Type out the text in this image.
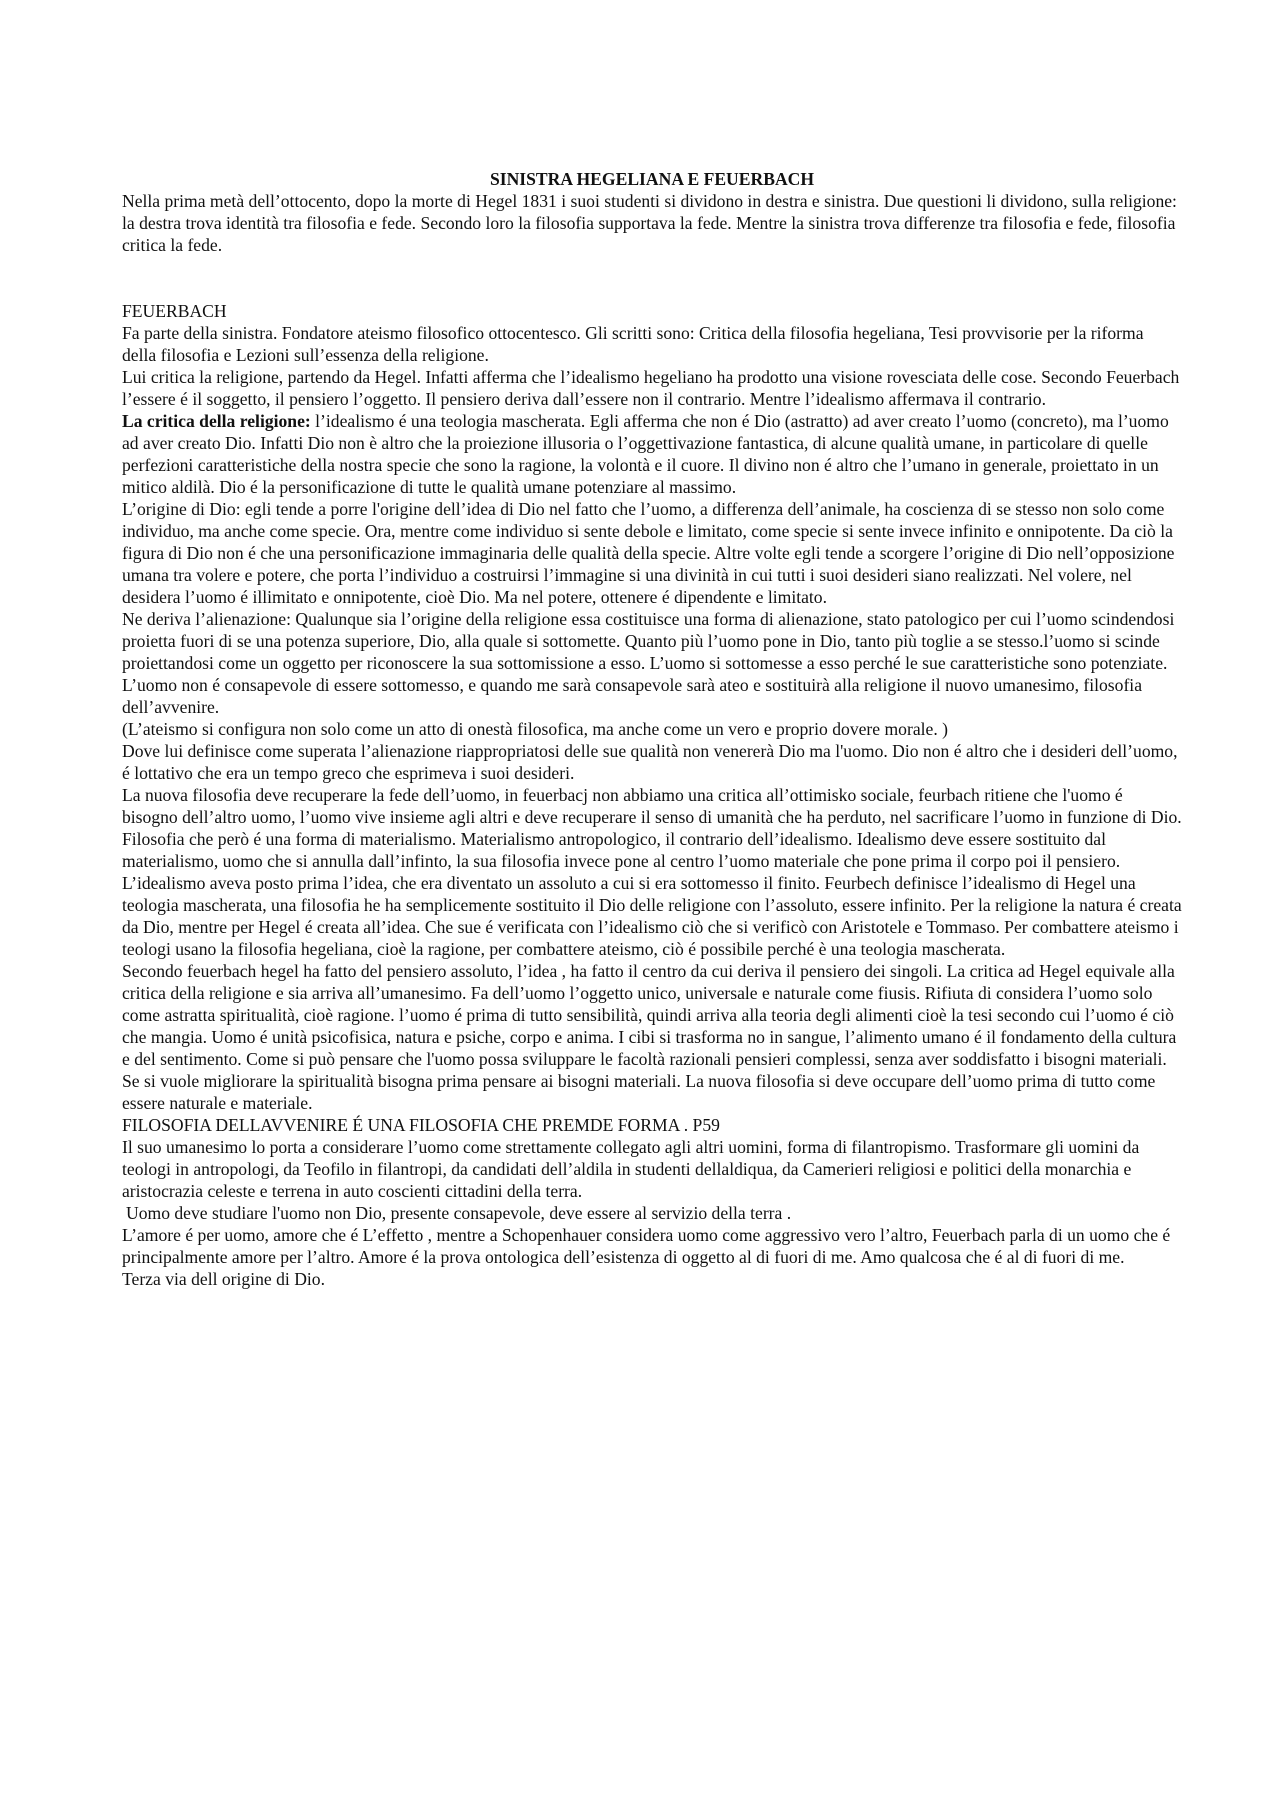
SINISTRA HEGELIANA E FEUERBACH

Nella prima metà dell’ottocento, dopo la morte di Hegel 1831 i suoi studenti si dividono in destra e sinistra. Due questioni li dividono, sulla religione: la destra trova identità tra filosofia e fede. Secondo loro la filosofia supportava la fede. Mentre la sinistra trova differenze tra filosofia e fede, filosofia critica la fede.

FEUERBACH

Fa parte della sinistra. Fondatore ateismo filosofico ottocentesco. Gli scritti sono: Critica della filosofia hegeliana, Tesi provvisorie per la riforma della filosofia e Lezioni sull’essenza della religione.

Lui critica la religione, partendo da Hegel. Infatti afferma che l’idealismo hegeliano ha prodotto una visione rovesciata delle cose. Secondo Feuerbach l’essere é il soggetto, il pensiero l’oggetto. Il pensiero deriva dall’essere non il contrario. Mentre l’idealismo affermava il contrario.

La critica della religione: l’idealismo é una teologia mascherata. Egli afferma che non é Dio (astratto) ad aver creato l’uomo (concreto), ma l’uomo ad aver creato Dio. Infatti Dio non è altro che la proiezione illusoria o l’oggettivazione fantastica, di alcune qualità umane, in particolare di quelle perfezioni caratteristiche della nostra specie che sono la ragione, la volontà e il cuore. Il divino non é altro che l’umano in generale, proiettato in un mitico aldilà. Dio é la personificazione di tutte le qualità umane potenziare al massimo.

L’origine di Dio: egli tende a porre l'origine dell’idea di Dio nel fatto che l’uomo, a differenza dell’animale, ha coscienza di se stesso non solo come individuo, ma anche come specie. Ora, mentre come individuo si sente debole e limitato, come specie si sente invece infinito e onnipotente. Da ciò la figura di Dio non é che una personificazione immaginaria delle qualità della specie. Altre volte egli tende a scorgere l’origine di Dio nell’opposizione umana tra volere e potere, che porta l’individuo a costruirsi l’immagine si una divinità in cui tutti i suoi desideri siano realizzati. Nel volere, nel desidera l’uomo é illimitato e onnipotente, cioè Dio. Ma nel potere, ottenere é dipendente e limitato.

Ne deriva l’alienazione: Qualunque sia l’origine della religione essa costituisce una forma di alienazione, stato patologico per cui l’uomo scindendosi proietta fuori di se una potenza superiore, Dio, alla quale si sottomette. Quanto più l’uomo pone in Dio, tanto più toglie a se stesso.l’uomo si scinde proiettandosi come un oggetto per riconoscere la sua sottomissione a esso. L’uomo si sottomesse a esso perché le sue caratteristiche sono potenziate. L’uomo non é consapevole di essere sottomesso, e quando me sarà consapevole sarà ateo e sostituirà alla religione il nuovo umanesimo, filosofia dell’avvenire.

(L’ateismo si configura non solo come un atto di onestà filosofica, ma anche come un vero e proprio dovere morale. )

Dove lui definisce come superata l’alienazione riappropriatosi delle sue qualità non venererà Dio ma l'uomo. Dio non é altro che i desideri dell’uomo, é lottativo che era un tempo greco che esprimeva i suoi desideri.

La nuova filosofia deve recuperare la fede dell’uomo, in feuerbacj non abbiamo una critica all’ottimisko sociale, feurbach ritiene che l'uomo é bisogno dell’altro uomo, l’uomo vive insieme agli altri e deve recuperare il senso di umanità che ha perduto, nel sacrificare l’uomo in funzione di Dio. Filosofia che però é una forma di materialismo. Materialismo antropologico, il contrario dell’idealismo. Idealismo deve essere sostituito dal materialismo, uomo che si annulla dall’infinto, la sua filosofia invece pone al centro l’uomo materiale che pone prima il corpo poi il pensiero.

L’idealismo aveva posto prima l’idea, che era diventato un assoluto a cui si era sottomesso il finito. Feurbech definisce l’idealismo di Hegel una teologia mascherata, una filosofia he ha semplicemente sostituito il Dio delle religione con l’assoluto, essere infinito. Per la religione la natura é creata da Dio, mentre per Hegel é creata all’idea. Che sue é verificata con l’idealismo ciò che si verificò con Aristotele e Tommaso. Per combattere ateismo i teologi usano la filosofia hegeliana, cioè la ragione, per combattere ateismo, ciò é possibile perché è una teologia mascherata.

Secondo feuerbach hegel ha fatto del pensiero assoluto, l’idea , ha fatto il centro da cui deriva il pensiero dei singoli. La critica ad Hegel equivale alla critica della religione e sia arriva all’umanesimo. Fa dell’uomo l’oggetto unico, universale e naturale come fiusis. Rifiuta di considera l’uomo solo come astratta spiritualità, cioè ragione. l’uomo é prima di tutto sensibilità, quindi arriva alla teoria degli alimenti cioè la tesi secondo cui l’uomo é ciò che mangia. Uomo é unità psicofisica, natura e psiche, corpo e anima. I cibi si trasforma no in sangue, l’alimento umano é il fondamento della cultura e del sentimento. Come si può pensare che l'uomo possa sviluppare le facoltà razionali pensieri complessi, senza aver soddisfatto i bisogni materiali. Se si vuole migliorare la spiritualità bisogna prima pensare ai bisogni materiali. La nuova filosofia si deve occupare dell’uomo prima di tutto come essere naturale e materiale.

FILOSOFIA DELLAVVENIRE É UNA FILOSOFIA CHE PREMDE FORMA . P59

Il suo umanesimo lo porta a considerare l’uomo come strettamente collegato agli altri uomini, forma di filantropismo. Trasformare gli uomini da teologi in antropologi, da Teofilo in filantropi, da candidati dell’aldila in studenti dellaldiqua, da Camerieri religiosi e politici della monarchia e aristocrazia celeste e terrena in auto coscienti cittadini della terra.

Uomo deve studiare l'uomo non Dio, presente consapevole, deve essere al servizio della terra .

L’amore é per uomo, amore che é L’effetto , mentre a Schopenhauer considera uomo come aggressivo vero l’altro, Feuerbach parla di un uomo che é principalmente amore per l’altro. Amore é la prova ontologica dell’esistenza di oggetto al di fuori di me. Amo qualcosa che é al di fuori di me.

Terza via dell origine di Dio.
